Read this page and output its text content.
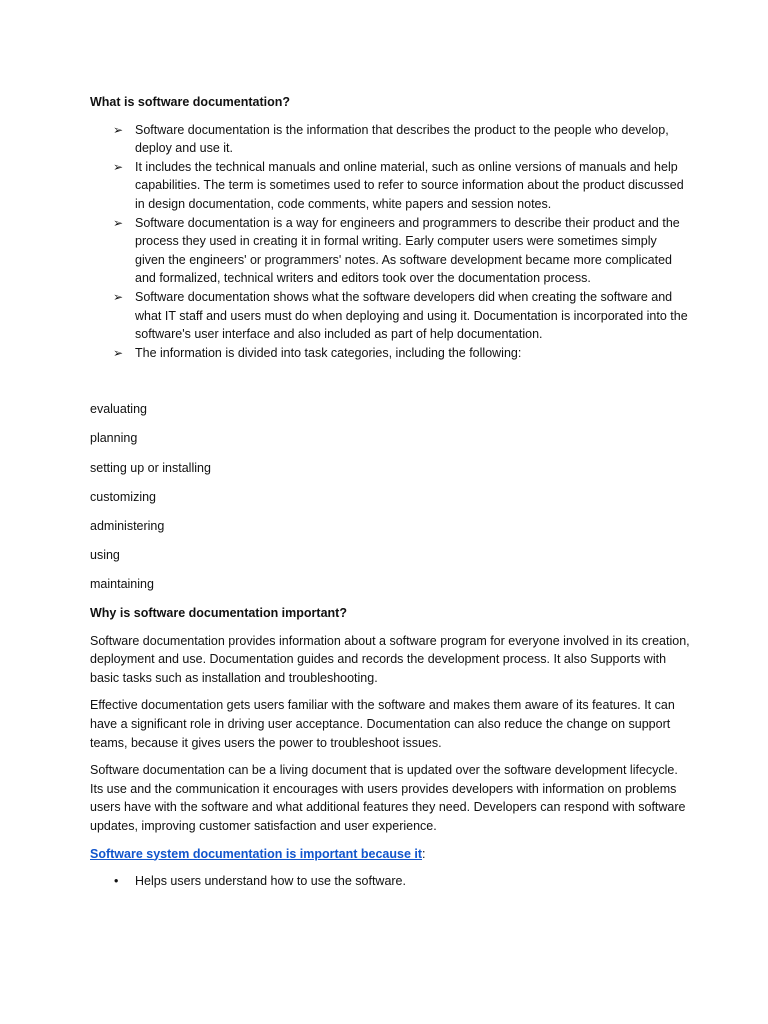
What is software documentation?

➢ Software documentation is the information that describes the product to the people who develop, deploy and use it.
➢ It includes the technical manuals and online material, such as online versions of manuals and help capabilities. The term is sometimes used to refer to source information about the product discussed in design documentation, code comments, white papers and session notes.
➢ Software documentation is a way for engineers and programmers to describe their product and the process they used in creating it in formal writing. Early computer users were sometimes simply given the engineers' or programmers' notes. As software development became more complicated and formalized, technical writers and editors took over the documentation process.
➢ Software documentation shows what the software developers did when creating the software and what IT staff and users must do when deploying and using it. Documentation is incorporated into the software's user interface and also included as part of help documentation.
➢ The information is divided into task categories, including the following:

evaluating

planning

setting up or installing

customizing

administering

using

maintaining

Why is software documentation important?

Software documentation provides information about a software program for everyone involved in its creation, deployment and use. Documentation guides and records the development process. It also Supports with basic tasks such as installation and troubleshooting.

Effective documentation gets users familiar with the software and makes them aware of its features. It can have a significant role in driving user acceptance. Documentation can also reduce the change on support teams, because it gives users the power to troubleshoot issues.

Software documentation can be a living document that is updated over the software development lifecycle. Its use and the communication it encourages with users provides developers with information on problems users have with the software and what additional features they need. Developers can respond with software updates, improving customer satisfaction and user experience.

Software system documentation is important because it:

• Helps users understand how to use the software.
